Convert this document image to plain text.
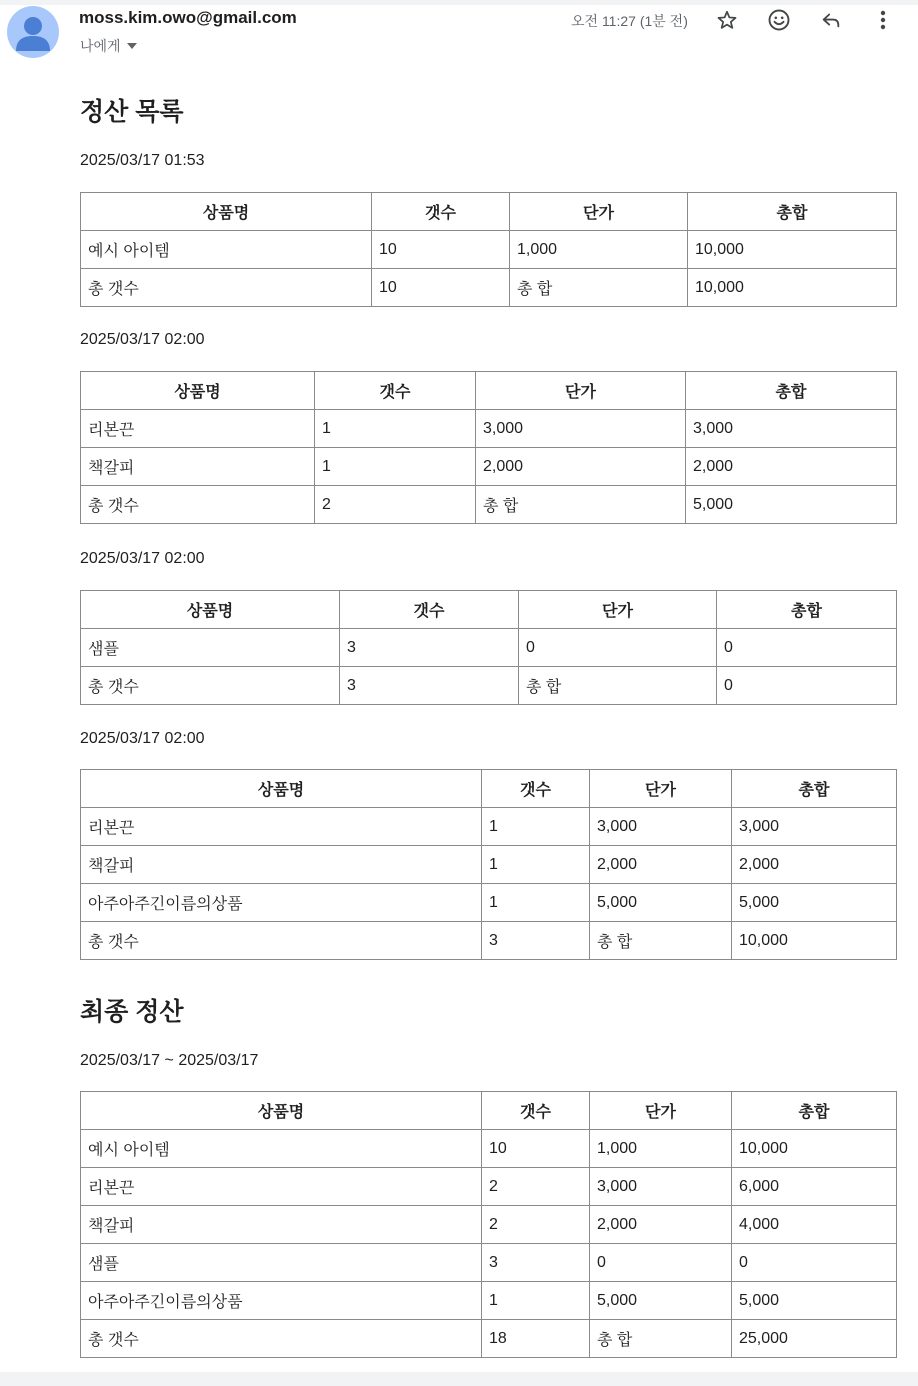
moss.kim.owo@gmail.com
나에게
오전 11:27 (1분 전)
정산 목록
2025/03/17 01:53
상품명	갯수	단가	총합
예시 아이템	10	1,000	10,000
총 갯수	10	총 합	10,000
2025/03/17 02:00
상품명	갯수	단가	총합
리본끈	1	3,000	3,000
책갈피	1	2,000	2,000
총 갯수	2	총 합	5,000
2025/03/17 02:00
상품명	갯수	단가	총합
샘플	3	0	0
총 갯수	3	총 합	0
2025/03/17 02:00
상품명	갯수	단가	총합
리본끈	1	3,000	3,000
책갈피	1	2,000	2,000
아주아주긴이름의상품	1	5,000	5,000
총 갯수	3	총 합	10,000
최종 정산
2025/03/17 ~ 2025/03/17
상품명	갯수	단가	총합
예시 아이템	10	1,000	10,000
리본끈	2	3,000	6,000
책갈피	2	2,000	4,000
샘플	3	0	0
아주아주긴이름의상품	1	5,000	5,000
총 갯수	18	총 합	25,000
